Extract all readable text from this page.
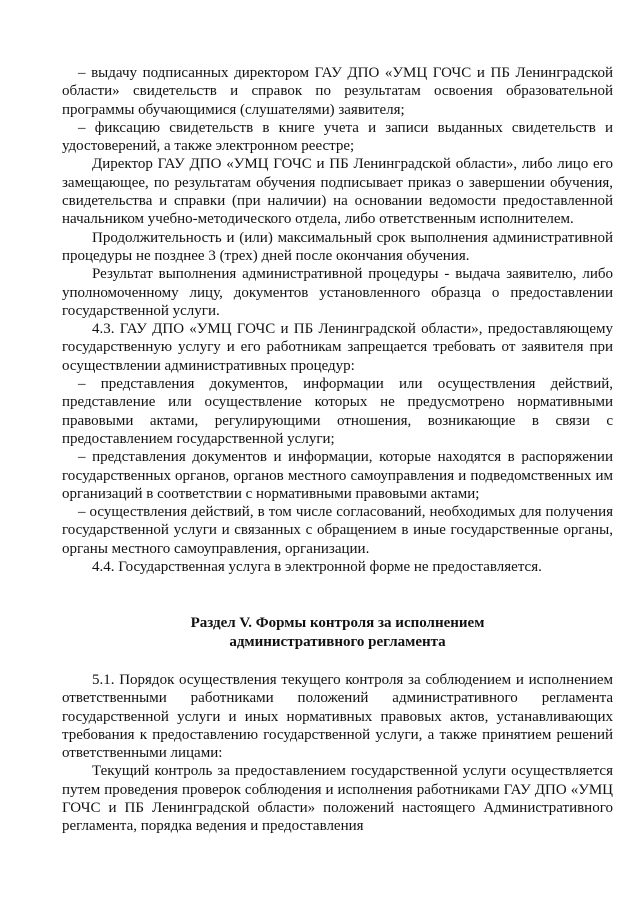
– выдачу подписанных директором ГАУ ДПО «УМЦ ГОЧС и ПБ Ленинградской области» свидетельств и справок по результатам освоения образовательной программы обучающимися (слушателями) заявителя;

– фиксацию свидетельств в книге учета и записи выданных свидетельств и удостоверений, а также электронном реестре;

Директор ГАУ ДПО «УМЦ ГОЧС и ПБ Ленинградской области», либо лицо его замещающее, по результатам обучения подписывает приказ о завершении обучения, свидетельства и справки (при наличии) на основании ведомости предоставленной начальником учебно-методического отдела, либо ответственным исполнителем.

Продолжительность и (или) максимальный срок выполнения административной процедуры не позднее 3 (трех) дней после окончания обучения.

Результат выполнения административной процедуры - выдача заявителю, либо уполномоченному лицу, документов установленного образца о предоставлении государственной услуги.

4.3. ГАУ ДПО «УМЦ ГОЧС и ПБ Ленинградской области», предоставляющему государственную услугу и его работникам запрещается требовать от заявителя при осуществлении административных процедур:

– представления документов, информации или осуществления действий, представление или осуществление которых не предусмотрено нормативными правовыми актами, регулирующими отношения, возникающие в связи с предоставлением государственной услуги;

– представления документов и информации, которые находятся в распоряжении государственных органов, органов местного самоуправления и подведомственных им организаций в соответствии с нормативными правовыми актами;

– осуществления действий, в том числе согласований, необходимых для получения государственной услуги и связанных с обращением в иные государственные органы, органы местного самоуправления, организации.

4.4. Государственная услуга в электронной форме не предоставляется.

Раздел V. Формы контроля за исполнением

административного регламента

5.1. Порядок осуществления текущего контроля за соблюдением и исполнением ответственными работниками положений административного регламента государственной услуги и иных нормативных правовых актов, устанавливающих требования к предоставлению государственной услуги, а также принятием решений ответственными лицами:

Текущий контроль за предоставлением государственной услуги осуществляется путем проведения проверок соблюдения и исполнения работниками ГАУ ДПО «УМЦ ГОЧС и ПБ Ленинградской области» положений настоящего Административного регламента, порядка ведения и предоставления
